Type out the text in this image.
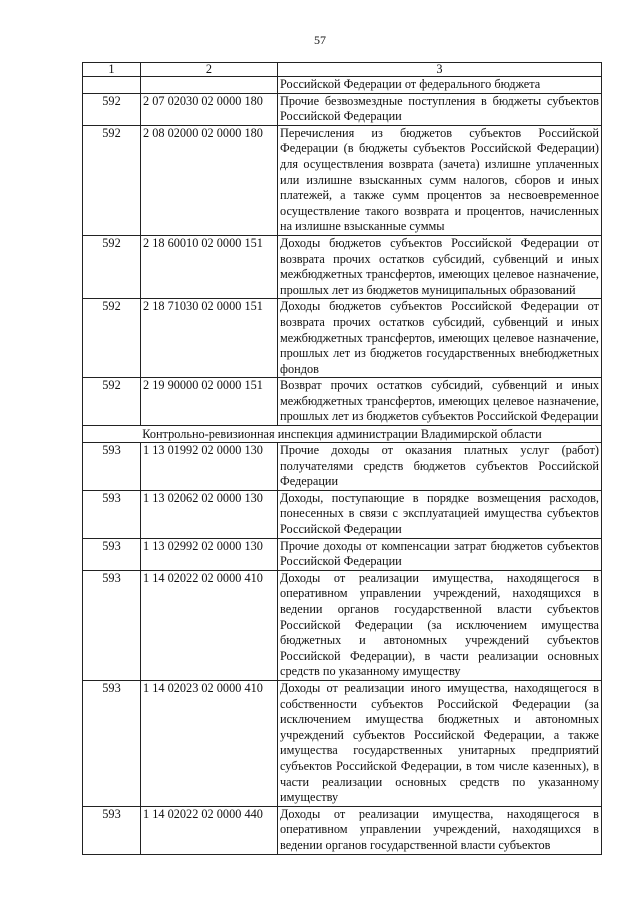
57
1	2	3
		Российской Федерации от федерального бюджета
592	2 07 02030 02 0000 180	Прочие безвозмездные поступления в бюджеты субъектов Российской Федерации
592	2 08 02000 02 0000 180	Перечисления из бюджетов субъектов Российской Федерации (в бюджеты субъектов Российской Федерации) для осуществления возврата (зачета) излишне уплаченных или излишне взысканных сумм налогов, сборов и иных платежей, а также сумм процентов за несвоевременное осуществление такого возврата и процентов, начисленных на излишне взысканные суммы
592	2 18 60010 02 0000 151	Доходы бюджетов субъектов Российской Федерации от возврата прочих остатков субсидий, субвенций и иных межбюджетных трансфертов, имеющих целевое назначение, прошлых лет из бюджетов муниципальных образований
592	2 18 71030 02 0000 151	Доходы бюджетов субъектов Российской Федерации от возврата прочих остатков субсидий, субвенций и иных межбюджетных трансфертов, имеющих целевое назначение, прошлых лет из бюджетов государственных внебюджетных фондов
592	2 19 90000 02 0000 151	Возврат прочих остатков субсидий, субвенций и иных межбюджетных трансфертов, имеющих целевое назначение, прошлых лет из бюджетов субъектов Российской Федерации
Контрольно-ревизионная инспекция администрации Владимирской области		
593	1 13 01992 02 0000 130	Прочие доходы от оказания платных услуг (работ) получателями средств бюджетов субъектов Российской Федерации
593	1 13 02062 02 0000 130	Доходы, поступающие в порядке возмещения расходов, понесенных в связи с эксплуатацией имущества субъектов Российской Федерации
593	1 13 02992 02 0000 130	Прочие доходы от компенсации затрат бюджетов субъектов Российской Федерации
593	1 14 02022 02 0000 410	Доходы от реализации имущества, находящегося в оперативном управлении учреждений, находящихся в ведении органов государственной власти субъектов Российской Федерации (за исключением имущества бюджетных и автономных учреждений субъектов Российской Федерации), в части реализации основных средств по указанному имуществу
593	1 14 02023 02 0000 410	Доходы от реализации иного имущества, находящегося в собственности субъектов Российской Федерации (за исключением имущества бюджетных и автономных учреждений субъектов Российской Федерации, а также имущества государственных унитарных предприятий субъектов Российской Федерации, в том числе казенных), в части реализации основных средств по указанному имуществу
593	1 14 02022 02 0000 440	Доходы от реализации имущества, находящегося в оперативном управлении учреждений, находящихся в ведении органов государственной власти субъектов
